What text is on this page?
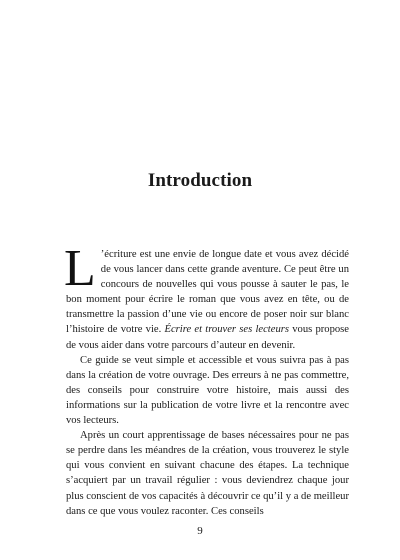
Introduction

L ’écriture est une envie de longue date et vous avez décidé de vous lancer dans cette grande aventure. Ce peut être un concours de nouvelles qui vous pousse à sauter le pas, le bon moment pour écrire le roman que vous avez en tête, ou de transmettre la passion d’une vie ou encore de poser noir sur blanc l’histoire de votre vie. Écrire et trouver ses lecteurs vous propose de vous aider dans votre parcours d’auteur en devenir.

Ce guide se veut simple et accessible et vous suivra pas à pas dans la création de votre ouvrage. Des erreurs à ne pas commettre, des conseils pour construire votre histoire, mais aussi des informations sur la publication de votre livre et la rencontre avec vos lecteurs.

Après un court apprentissage de bases nécessaires pour ne pas se perdre dans les méandres de la création, vous trouverez le style qui vous convient en suivant chacune des étapes. La technique s’acquiert par un travail régulier : vous deviendrez chaque jour plus conscient de vos capacités à découvrir ce qu’il y a de meilleur dans ce que vous voulez raconter. Ces conseils

9
